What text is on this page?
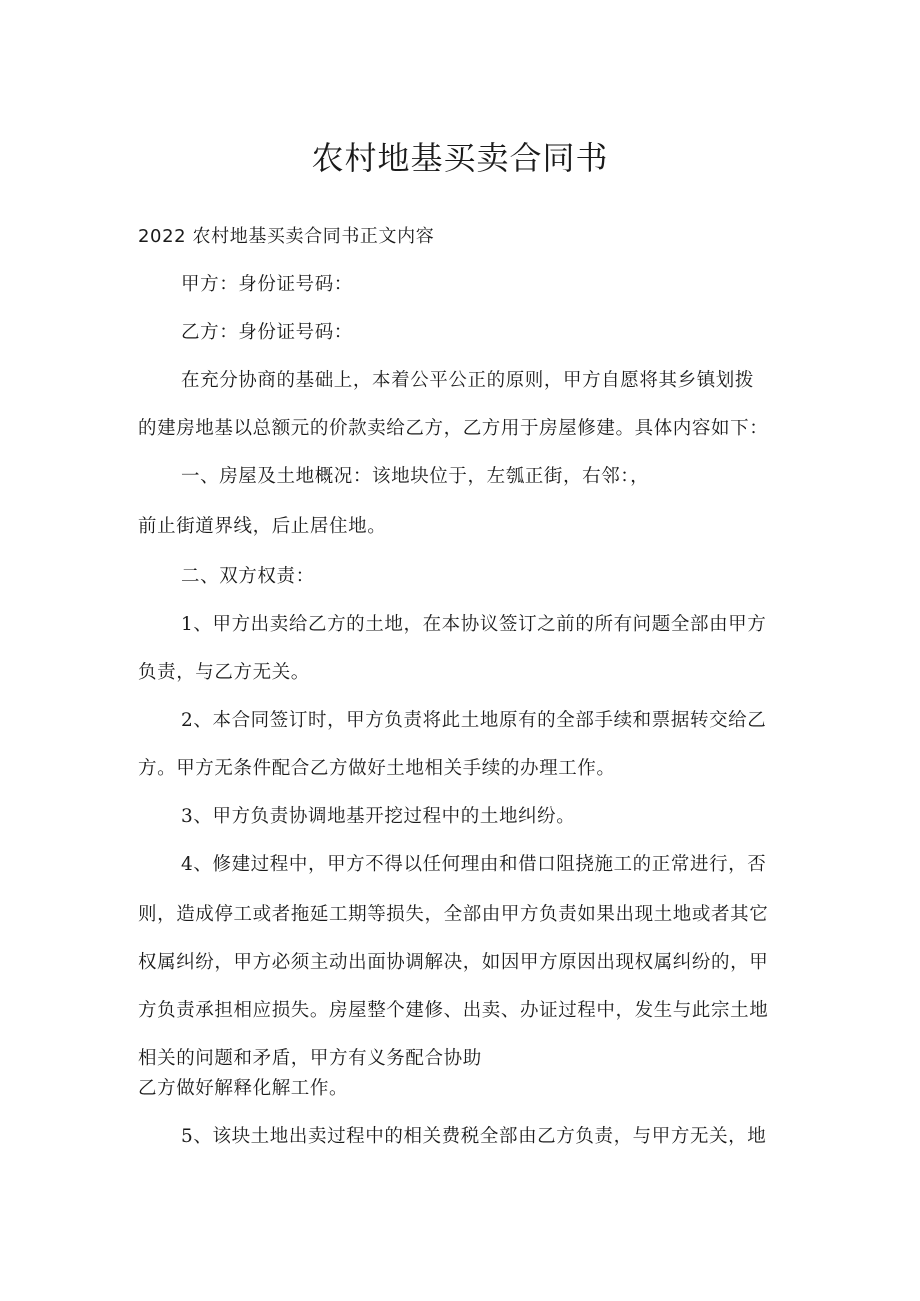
农村地基买卖合同书
2022 农村地基买卖合同书正文内容
甲方：身份证号码：
乙方：身份证号码：
在充分协商的基础上，本着公平公正的原则，甲方自愿将其乡镇划拨
的建房地基以总额元的价款卖给乙方，乙方用于房屋修建。具体内容如下：
一、房屋及土地概况：该地块位于，左瓠正街，右邻：，
前止街道界线，后止居住地。
二、双方权责：
1、甲方出卖给乙方的土地，在本协议签订之前的所有问题全部由甲方
负责，与乙方无关。
2、本合同签订时，甲方负责将此土地原有的全部手续和票据转交给乙
方。甲方无条件配合乙方做好土地相关手续的办理工作。
3、甲方负责协调地基开挖过程中的土地纠纷。
4、修建过程中，甲方不得以任何理由和借口阻挠施工的正常进行，否
则，造成停工或者拖延工期等损失，全部由甲方负责如果出现土地或者其它
权属纠纷，甲方必须主动出面协调解决，如因甲方原因出现权属纠纷的，甲
方负责承担相应损失。房屋整个建修、出卖、办证过程中，发生与此宗土地
相关的问题和矛盾，甲方有义务配合协助
乙方做好解释化解工作。
5、该块土地出卖过程中的相关费税全部由乙方负责，与甲方无关，地
